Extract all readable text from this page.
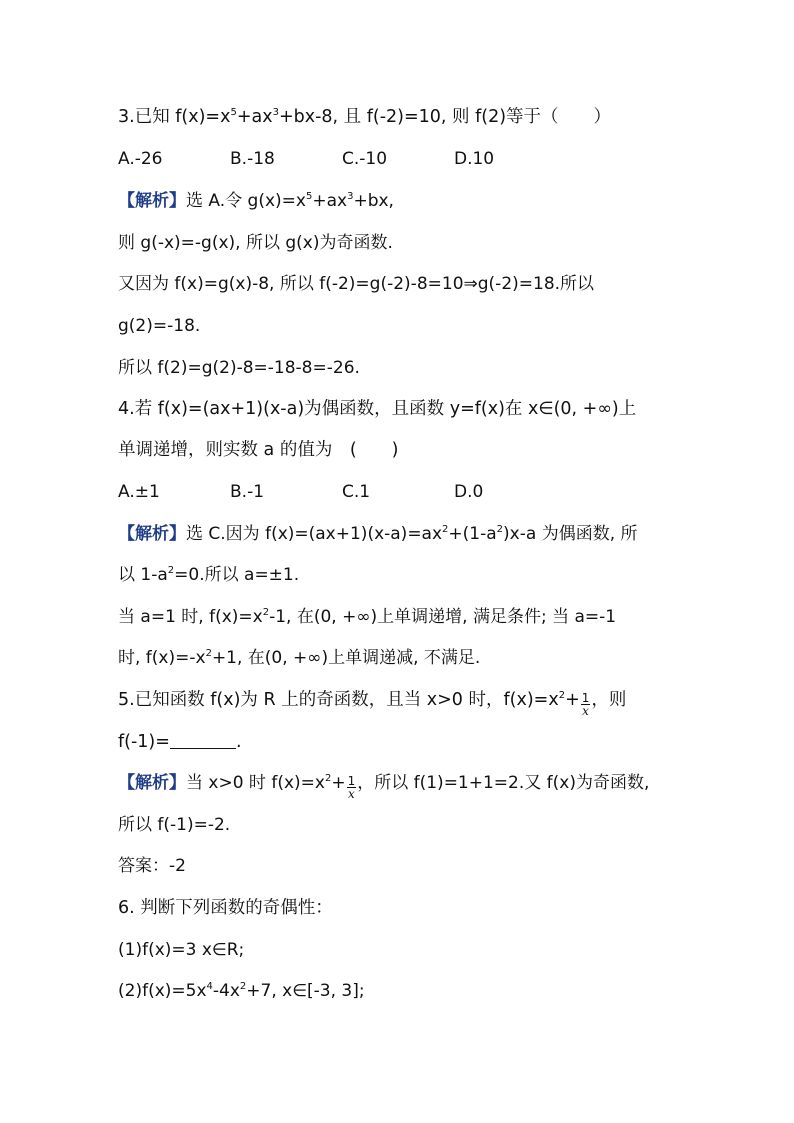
3.已知 $f(x)=x^5+ax^3+bx-8$, 且 f(-2)=10, 则 f(2)等于（　　）
A.-26	B.-18	C.-10	D.10
【解析】选 A.令 $g(x)=x^5+ax^3+bx$,
则 g(-x)=-g(x), 所以 g(x)为奇函数.
又因为 f(x)=g(x)-8, 所以 f(-2)=g(-2)-8=10⇒g(-2)=18.所以
g(2)=-18.
所以 f(2)=g(2)-8=-18-8=-26.
4.若 f(x)=(ax+1)(x-a)为偶函数，且函数 y=f(x)在 x∈(0, +∞)上
单调递增，则实数 a 的值为　(　　)
A.±1	B.-1	C.1	D.0
【解析】选 C.因为 $f(x)=(ax+1)(x-a)=ax^2+(1-a^2)x-a$ 为偶函数, 所
以 $1-a^2=0$.所以 a=±1.
当 a=1 时, $f(x)=x^2-1$, 在(0, +∞)上单调递增, 满足条件; 当 a=-1
时, $f(x)=-x^2+1$, 在(0, +∞)上单调递减, 不满足.
5.已知函数 f(x)为 R 上的奇函数，且当 x>0 时，$f(x)=x^2+ \frac{1}{x}$ ，则
f(-1)=	.
【解析】当 x>0 时 $f(x)=x^2+ \frac{1}{x}$ ，所以 f(1)=1+1=2.又 f(x)为奇函数,
所以 f(-1)=-2.
答案：-2
6. 判断下列函数的奇偶性：
(1)f(x)=3 x∈R;
$(2)f(x)=5x^4-4x^2+7$, x∈[-3, 3];
